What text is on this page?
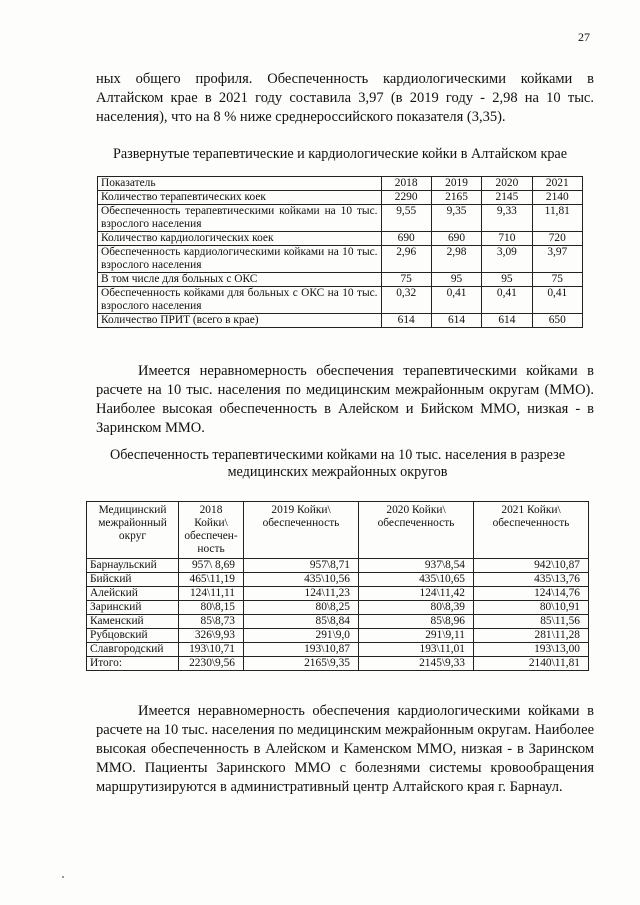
27

ных общего профиля. Обеспеченность кардиологическими койками в Алтайском крае в 2021 году составила 3,97 (в 2019 году - 2,98 на 10 тыс. населения), что на 8 % ниже среднероссийского показателя (3,35).

Развернутые терапевтические и кардиологические койки в Алтайском крае

Показатель	2018	2019	2020	2021
Количество терапевтических коек	2290	2165	2145	2140
Обеспеченность терапевтическими койками на 10 тыс. взрослого населения	9,55	9,35	9,33	11,81
Количество кардиологических коек	690	690	710	720
Обеспеченность кардиологическими койками на 10 тыс. взрослого населения	2,96	2,98	3,09	3,97
В том числе для больных с ОКС	75	95	95	75
Обеспеченность койками для больных с ОКС на 10 тыс. взрослого населения	0,32	0,41	0,41	0,41
Количество ПРИТ (всего в крае)	614	614	614	650

Имеется неравномерность обеспечения терапевтическими койками в расчете на 10 тыс. населения по медицинским межрайонным округам (ММО). Наиболее высокая обеспеченность в Алейском и Бийском ММО, низкая - в Заринском ММО.

Обеспеченность терапевтическими койками на 10 тыс. населения в разрезе
медицинских межрайонных округов

Медицинский межрайонный округ	2018 Койки\ обеспечен-ность	2019 Койки\ обеспеченность	2020 Койки\ обеспеченность	2021 Койки\ обеспеченность
Барнаульский	957\ 8,69	957\8,71	937\8,54	942\10,87
Бийский	465\11,19	435\10,56	435\10,65	435\13,76
Алейский	124\11,11	124\11,23	124\11,42	124\14,76
Заринский	80\8,15	80\8,25	80\8,39	80\10,91
Каменский	85\8,73	85\8,84	85\8,96	85\11,56
Рубцовский	326\9,93	291\9,0	291\9,11	281\11,28
Славгородский	193\10,71	193\10,87	193\11,01	193\13,00
Итого:	2230\9,56	2165\9,35	2145\9,33	2140\11,81

Имеется неравномерность обеспечения кардиологическими койками в расчете на 10 тыс. населения по медицинским межрайонным округам. Наиболее высокая обеспеченность в Алейском и Каменском ММО, низкая - в Заринском ММО. Пациенты Заринского ММО с болезнями системы кровообращения маршрутизируются в административный центр Алтайского края г. Барнаул.
